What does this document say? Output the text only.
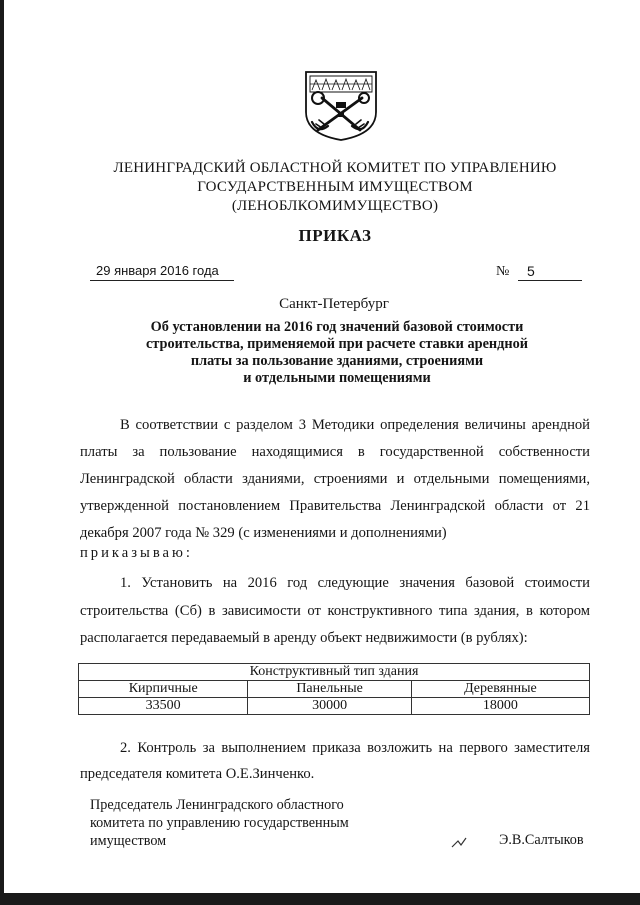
ЛЕНИНГРАДСКИЙ ОБЛАСТНОЙ КОМИТЕТ ПО УПРАВЛЕНИЮ
ГОСУДАРСТВЕННЫМ ИМУЩЕСТВОМ
(ЛЕНОБЛКОМИМУЩЕСТВО)
ПРИКАЗ
29 января 2016 года	№	5
Санкт-Петербург
Об установлении на 2016 год значений базовой стоимости
строительства, применяемой при расчете ставки арендной
платы за пользование зданиями, строениями
и отдельными помещениями
В соответствии с разделом 3 Методики определения величины арендной платы за пользование находящимися в государственной собственности Ленинградской области зданиями, строениями и отдельными помещениями, утвержденной постановлением Правительства Ленинградской области от 21 декабря 2007 года № 329 (с изменениями и дополнениями)
приказываю:
1. Установить на 2016 год следующие значения базовой стоимости строительства (Сб) в зависимости от конструктивного типа здания, в котором располагается передаваемый в аренду объект недвижимости (в рублях):
Конструктивный тип здания		
Кирпичные	Панельные	Деревянные
33500	30000	18000
2. Контроль за выполнением приказа возложить на первого заместителя председателя комитета О.Е.Зинченко.
Председатель Ленинградского областного
комитета по управлению государственным
имуществом	Э.В.Салтыков
